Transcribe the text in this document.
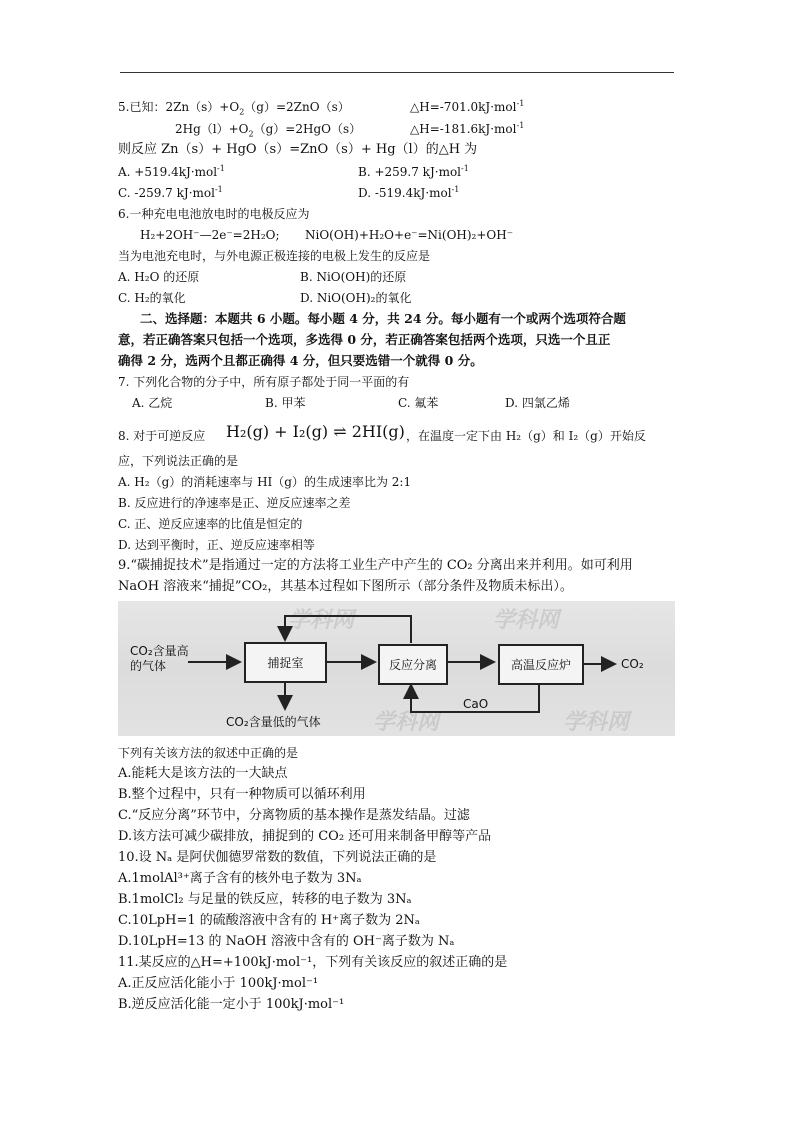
5.已知：$2Zn(s)+O_2(g)=2ZnO(s)$	△H=-701.0kJ·mol$^{-1}$
$2Hg(l)+O_2(g)=2HgO(s)$	△H=-181.6kJ·mol$^{-1}$
则反应 Zn（s）+ HgO（s）=ZnO（s）+ Hg（l）的△H 为
A. +519.4kJ·mol$^{-1}$	B. +259.7 kJ·mol$^{-1}$
C. -259.7 kJ·mol$^{-1}$	D. -519.4kJ·mol$^{-1}$
6.一种充电电池放电时的电极反应为
H₂+2OH⁻—2e⁻=2H₂O; NiO(OH)+H₂O+e⁻=Ni(OH)₂+OH⁻
当为电池充电时，与外电源正极连接的电极上发生的反应是
A. H₂O 的还原	B. NiO(OH)的还原
C. H₂的氧化	D. NiO(OH)₂的氧化
二、选择题：本题共 6 小题。每小题 4 分，共 24 分。每小题有一个或两个选项符合题
意，若正确答案只包括一个选项，多选得 0 分，若正确答案包括两个选项，只选一个且正
确得 2 分，选两个且都正确得 4 分，但只要选错一个就得 0 分。
7. 下列化合物的分子中，所有原子都处于同一平面的有
A. 乙烷	B. 甲苯	C. 氟苯	D. 四氯乙烯
8. 对于可逆反应 H₂(g) + I₂(g) ⇌ 2HI(g) ，在温度一定下由 H₂（g）和 I₂（g）开始反
应，下列说法正确的是
A. H₂（g）的消耗速率与 HI（g）的生成速率比为 2:1
B. 反应进行的净速率是正、逆反应速率之差
C. 正、逆反应速率的比值是恒定的
D. 达到平衡时，正、逆反应速率相等
9.“碳捕捉技术”是指通过一定的方法将工业生产中产生的 CO₂ 分离出来并利用。如可利用
NaOH 溶液来“捕捉”CO₂，其基本过程如下图所示（部分条件及物质未标出）。
学科网	学科网
学科网
学科网
CO₂含量高
的气体	捕捉室	反应分离	高温反应炉	CO₂
CO₂含量低的气体
CaO
下列有关该方法的叙述中正确的是
A.能耗大是该方法的一大缺点
B.整个过程中，只有一种物质可以循环利用
C.“反应分离”环节中，分离物质的基本操作是蒸发结晶。过滤
D.该方法可减少碳排放，捕捉到的 CO₂ 还可用来制备甲醇等产品
10.设 Nₐ 是阿伏伽德罗常数的数值，下列说法正确的是
A.1molAl³⁺离子含有的核外电子数为 3Nₐ
B.1molCl₂ 与足量的铁反应，转移的电子数为 3Nₐ
C.10LpH=1 的硫酸溶液中含有的 H⁺离子数为 2Nₐ
D.10LpH=13 的 NaOH 溶液中含有的 OH⁻离子数为 Nₐ
11.某反应的△H=+100kJ·mol⁻¹，下列有关该反应的叙述正确的是
A.正反应活化能小于 100kJ·mol⁻¹
B.逆反应活化能一定小于 100kJ·mol⁻¹
